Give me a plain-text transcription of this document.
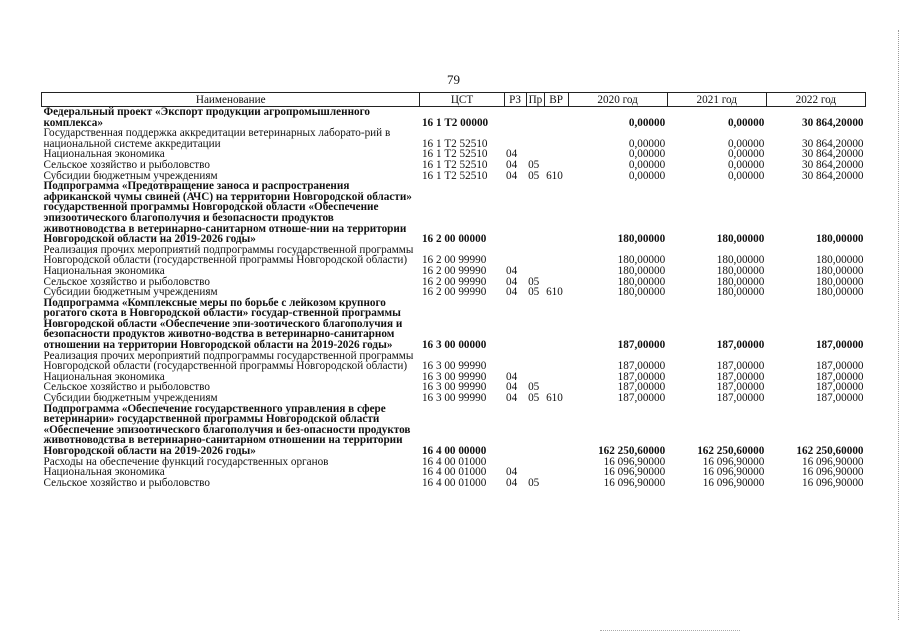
79
Наименование	ЦСТ	РЗ	Пр	ВР	2020 год	2021 год	2022 год
Федеральный проект «Экспорт продукции агропромышленного комплекса»	16 1 Т2 00000				0,00000	0,00000	30 864,20000
Государственная поддержка аккредитации ветеринарных лаборато-рий в национальной системе аккредитации	16 1 Т2 52510				0,00000	0,00000	30 864,20000
Национальная экономика	16 1 Т2 52510	04			0,00000	0,00000	30 864,20000
Сельское хозяйство и рыболовство	16 1 Т2 52510	04	05		0,00000	0,00000	30 864,20000
Субсидии бюджетным учреждениям	16 1 Т2 52510	04	05	610	0,00000	0,00000	30 864,20000
Подпрограмма «Предотвращение заноса и распространения африканской чумы свиней (АЧС) на территории Новгородской области» государственной программы Новгородской области «Обеспечение эпизоотического благополучия и безопасности продуктов животноводства в ветеринарно-санитарном отноше-нии на территории Новгородской области на 2019-2026 годы»	16 2 00 00000				180,00000	180,00000	180,00000
Реализация прочих мероприятий подпрограммы государственной программы Новгородской области (государственной программы Новгородской области)	16 2 00 99990				180,00000	180,00000	180,00000
Национальная экономика	16 2 00 99990	04			180,00000	180,00000	180,00000
Сельское хозяйство и рыболовство	16 2 00 99990	04	05		180,00000	180,00000	180,00000
Субсидии бюджетным учреждениям	16 2 00 99990	04	05	610	180,00000	180,00000	180,00000
Подпрограмма «Комплексные меры по борьбе с лейкозом крупного рогатого скота в Новгородской области» государ-ственной программы Новгородской области «Обеспечение эпи-зоотического благополучия и безопасности продуктов животно-водства в ветеринарно-санитарном отношении на территории Новгородской области на 2019-2026 годы»	16 3 00 00000				187,00000	187,00000	187,00000
Реализация прочих мероприятий подпрограммы государственной программы Новгородской области (государственной программы Новгородской области)	16 3 00 99990				187,00000	187,00000	187,00000
Национальная экономика	16 3 00 99990	04			187,00000	187,00000	187,00000
Сельское хозяйство и рыболовство	16 3 00 99990	04	05		187,00000	187,00000	187,00000
Субсидии бюджетным учреждениям	16 3 00 99990	04	05	610	187,00000	187,00000	187,00000
Подпрограмма «Обеспечение государственного управления в сфере ветеринарии» государственной программы Новгородской области «Обеспечение эпизоотического благополучия и без-опасности продуктов животноводства в ветеринарно-санитарном отношении на территории Новгородской области на 2019-2026 годы»	16 4 00 00000				162 250,60000	162 250,60000	162 250,60000
Расходы на обеспечение функций государственных органов	16 4 00 01000				16 096,90000	16 096,90000	16 096,90000
Национальная экономика	16 4 00 01000	04			16 096,90000	16 096,90000	16 096,90000
Сельское хозяйство и рыболовство	16 4 00 01000	04	05		16 096,90000	16 096,90000	16 096,90000
